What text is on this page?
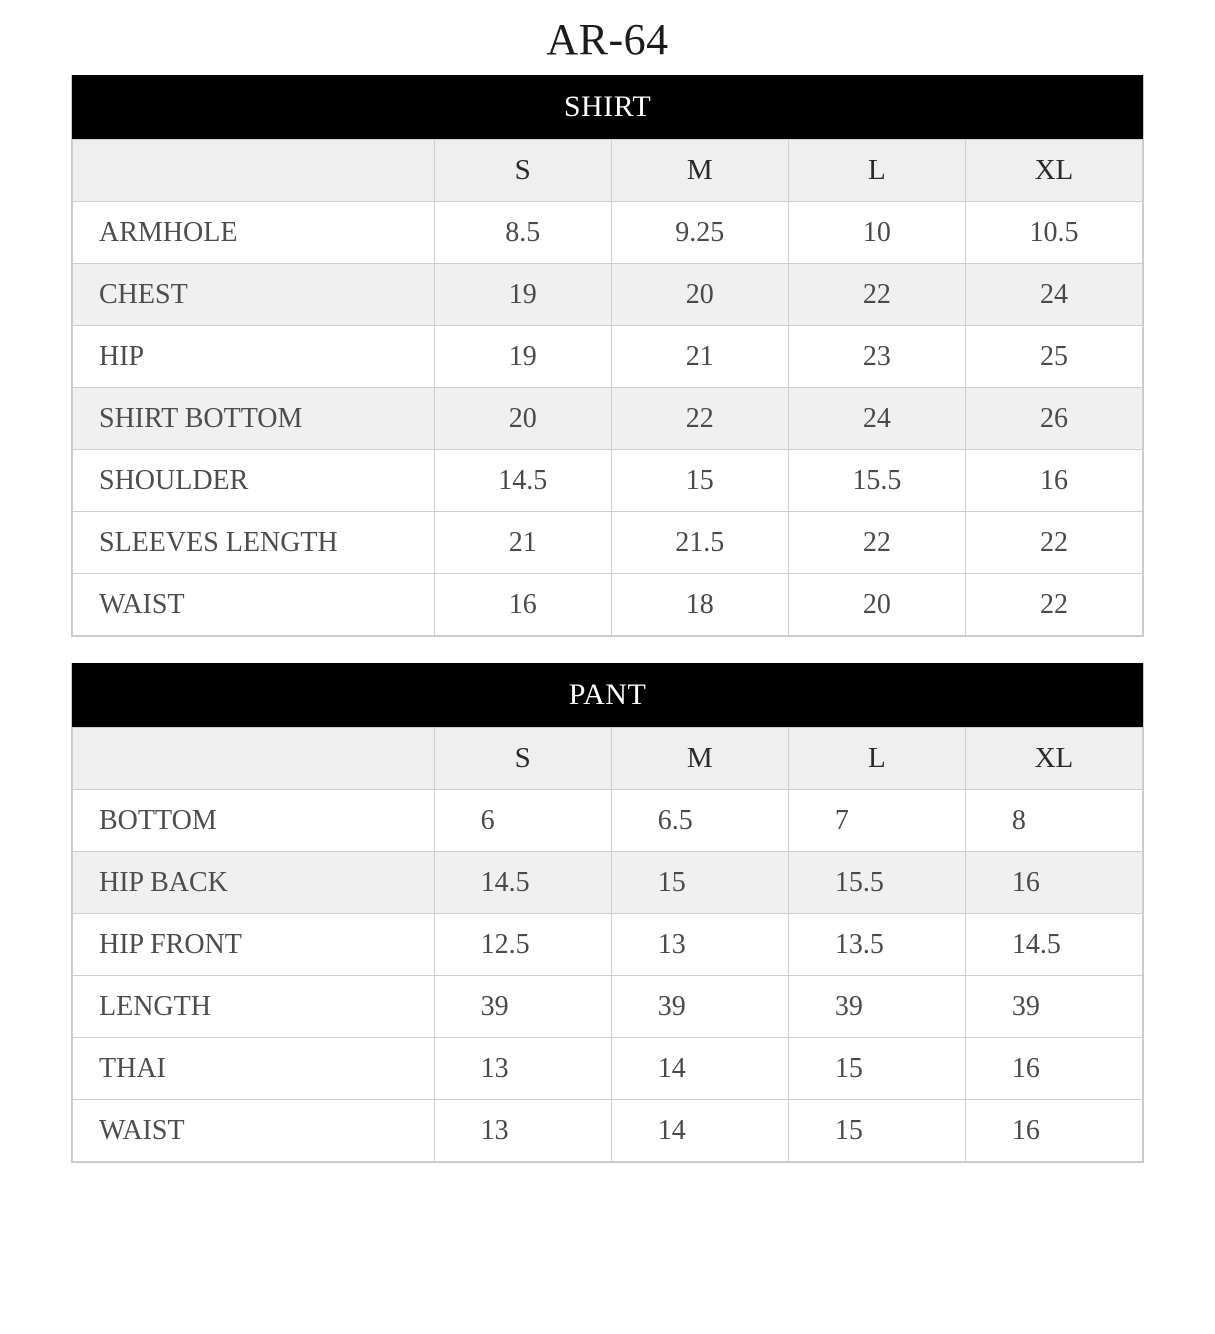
AR-64
SHIRT
	S	M	L	XL
ARMHOLE	8.5	9.25	10	10.5
CHEST	19	20	22	24
HIP	19	21	23	25
SHIRT BOTTOM	20	22	24	26
SHOULDER	14.5	15	15.5	16
SLEEVES LENGTH	21	21.5	22	22
WAIST	16	18	20	22
PANT
	S	M	L	XL
BOTTOM	6	6.5	7	8
HIP BACK	14.5	15	15.5	16
HIP FRONT	12.5	13	13.5	14.5
LENGTH	39	39	39	39
THAI	13	14	15	16
WAIST	13	14	15	16
